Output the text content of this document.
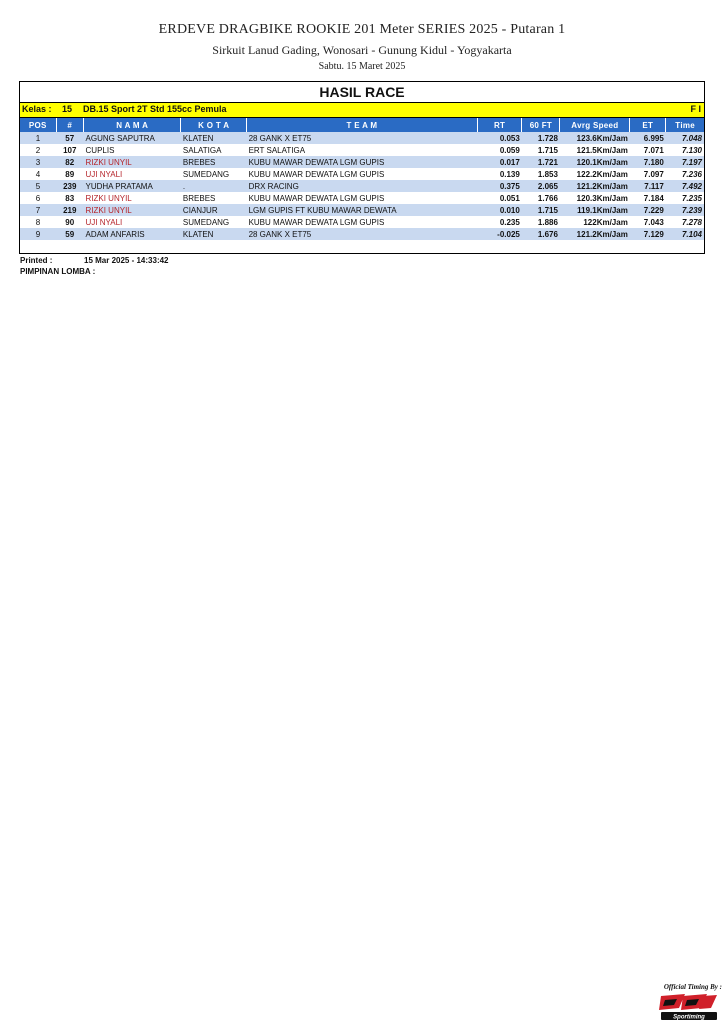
ERDEVE DRAGBIKE ROOKIE 201 Meter SERIES 2025 - Putaran 1
Sirkuit Lanud Gading, Wonosari - Gunung Kidul - Yogyakarta
Sabtu. 15 Maret 2025
HASIL RACE
Kelas : 15 DB.15 Sport 2T Std 155cc Pemula	F I
POS	#	N A M A	K O T A	T E A M	RT	60 FT	Avrg Speed	ET	Time
1	57	AGUNG SAPUTRA	KLATEN	28 GANK X ET75	0.053	1.728	123.6Km/Jam	6.995	7.048
2	107	CUPLIS	SALATIGA	ERT SALATIGA	0.059	1.715	121.5Km/Jam	7.071	7.130
3	82	RIZKI UNYIL	BREBES	KUBU MAWAR DEWATA LGM GUPIS	0.017	1.721	120.1Km/Jam	7.180	7.197
4	89	UJI NYALI	SUMEDANG	KUBU MAWAR DEWATA LGM GUPIS	0.139	1.853	122.2Km/Jam	7.097	7.236
5	239	YUDHA PRATAMA	.	DRX RACING	0.375	2.065	121.2Km/Jam	7.117	7.492
6	83	RIZKI UNYIL	BREBES	KUBU MAWAR DEWATA LGM GUPIS	0.051	1.766	120.3Km/Jam	7.184	7.235
7	219	RIZKI UNYIL	CIANJUR	LGM GUPIS FT KUBU MAWAR DEWATA	0.010	1.715	119.1Km/Jam	7.229	7.239
8	90	UJI NYALI	SUMEDANG	KUBU MAWAR DEWATA LGM GUPIS	0.235	1.886	122Km/Jam	7.043	7.278
9	59	ADAM ANFARIS	KLATEN	28 GANK X ET75	-0.025	1.676	121.2Km/Jam	7.129	7.104
Printed :	15 Mar 2025 - 14:33:42
PIMPINAN LOMBA :
Official Timing By :
Sportiming
